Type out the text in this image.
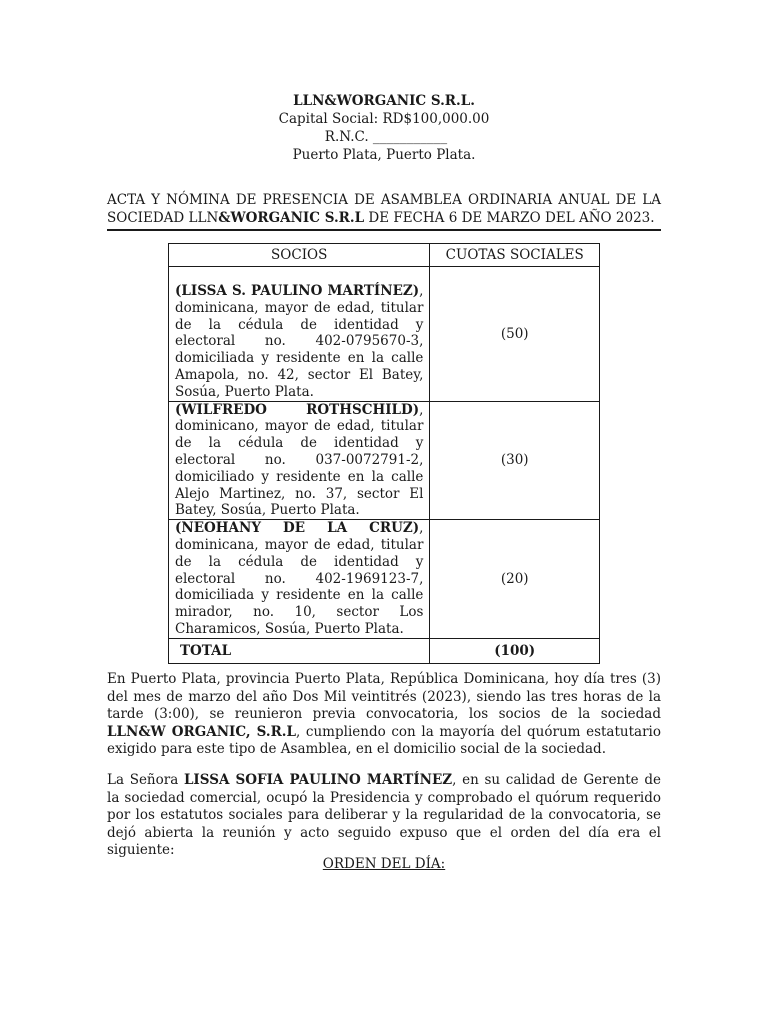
LLN&WORGANIC S.R.L.
Capital Social: RD$100,000.00
R.N.C. ___________
Puerto Plata, Puerto Plata.
ACTA Y NÓMINA DE PRESENCIA DE ASAMBLEA ORDINARIA ANUAL DE LA SOCIEDAD LLN&WORGANIC S.R.L DE FECHA 6 DE MARZO DEL AÑO 2023.
SOCIOS	CUOTAS SOCIALES
(LISSA S. PAULINO MARTÍNEZ), dominicana, mayor de edad, titular de la cédula de identidad y electoral no. 402-0795670-3, domiciliada y residente en la calle Amapola, no. 42, sector El Batey, Sosúa, Puerto Plata.	(50)
(WILFREDO ROTHSCHILD), dominicano, mayor de edad, titular de la cédula de identidad y electoral no. 037-0072791-2, domiciliado y residente en la calle Alejo Martinez, no. 37, sector El Batey, Sosúa, Puerto Plata.	(30)
(NEOHANY DE LA CRUZ), dominicana, mayor de edad, titular de la cédula de identidad y electoral no. 402-1969123-7, domiciliada y residente en la calle mirador, no. 10, sector Los Charamicos, Sosúa, Puerto Plata.	(20)
TOTAL	(100)
En Puerto Plata, provincia Puerto Plata, República Dominicana, hoy día tres (3) del mes de marzo del año Dos Mil veintitrés (2023), siendo las tres horas de la tarde (3:00), se reunieron previa convocatoria, los socios de la sociedad LLN&W ORGANIC, S.R.L, cumpliendo con la mayoría del quórum estatutario exigido para este tipo de Asamblea, en el domicilio social de la sociedad.
La Señora LISSA SOFIA PAULINO MARTÍNEZ, en su calidad de Gerente de la sociedad comercial, ocupó la Presidencia y comprobado el quórum requerido por los estatutos sociales para deliberar y la regularidad de la convocatoria, se dejó abierta la reunión y acto seguido expuso que el orden del día era el siguiente:
ORDEN DEL DÍA:
